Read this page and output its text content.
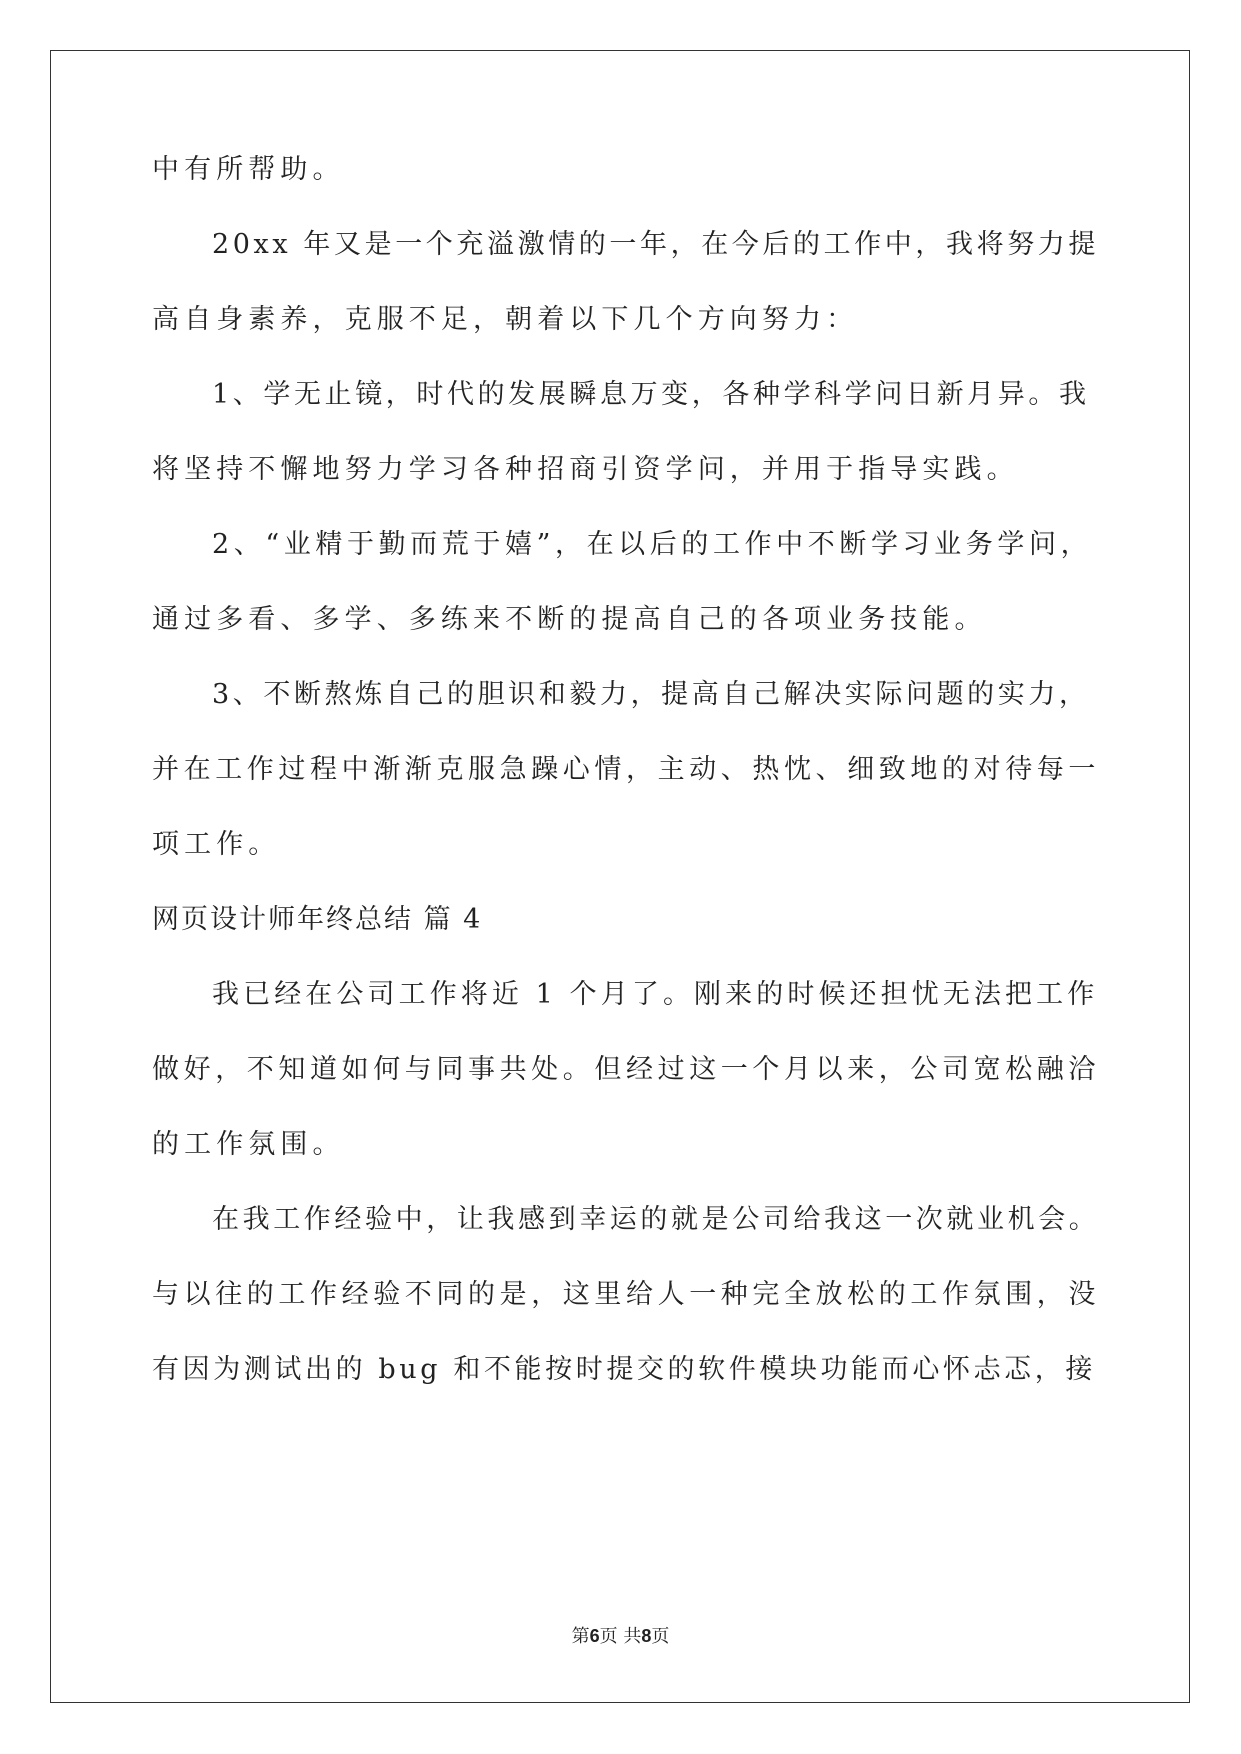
中有所帮助。
20xx 年又是一个充溢激情的一年，在今后的工作中，我将努力提
高自身素养，克服不足，朝着以下几个方向努力：
1、学无止镜，时代的发展瞬息万变，各种学科学问日新月异。我
将坚持不懈地努力学习各种招商引资学问，并用于指导实践。
2、“业精于勤而荒于嬉”，在以后的工作中不断学习业务学问，
通过多看、多学、多练来不断的提高自己的各项业务技能。
3、不断熬炼自己的胆识和毅力，提高自己解决实际问题的实力，
并在工作过程中渐渐克服急躁心情，主动、热忱、细致地的对待每一
项工作。
网页设计师年终总结 篇 4
我已经在公司工作将近 1 个月了。刚来的时候还担忧无法把工作
做好，不知道如何与同事共处。但经过这一个月以来，公司宽松融洽
的工作氛围。
在我工作经验中，让我感到幸运的就是公司给我这一次就业机会。
与以往的工作经验不同的是，这里给人一种完全放松的工作氛围，没
有因为测试出的 bug 和不能按时提交的软件模块功能而心怀忐忑，接
第6页 共8页
